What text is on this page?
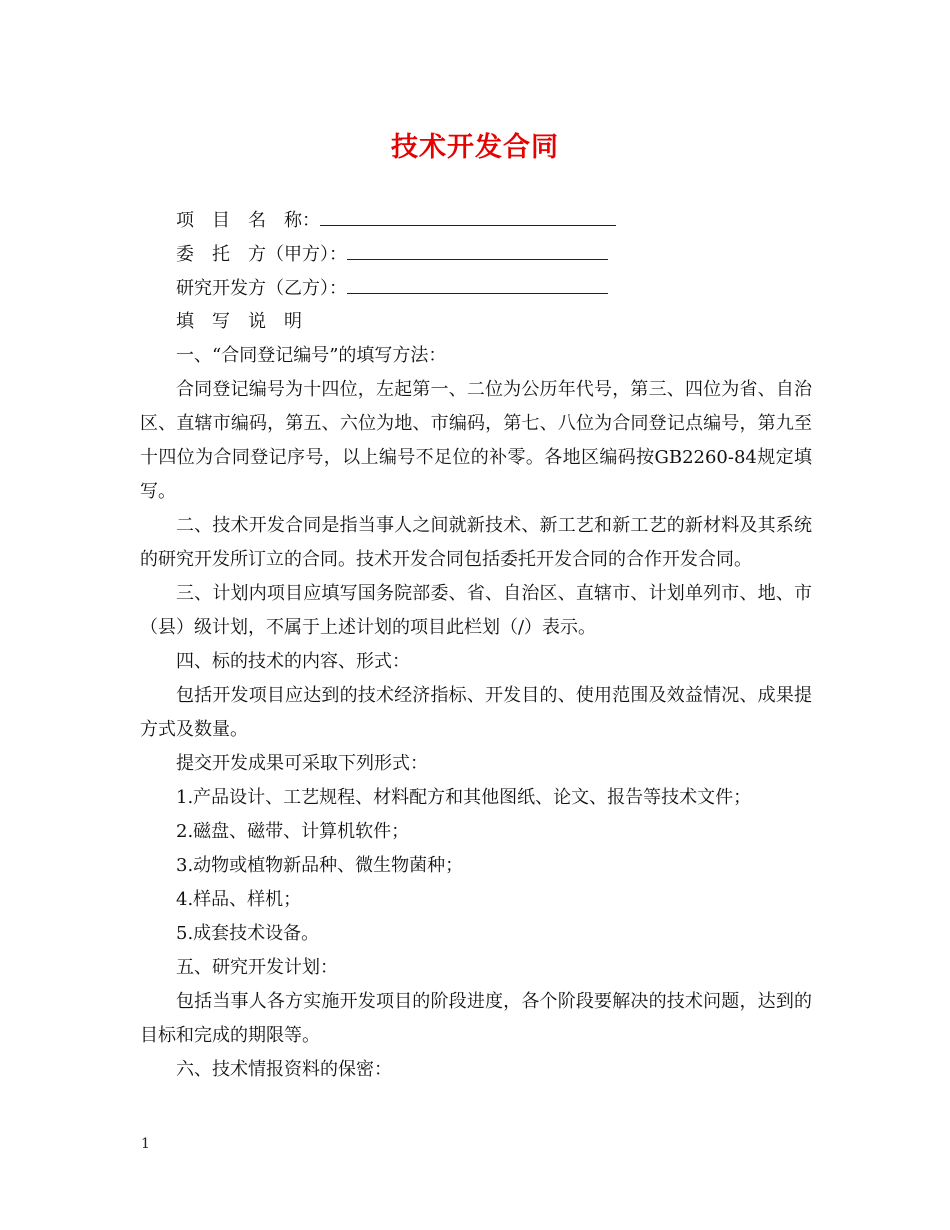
技术开发合同
项　目　名　称：
委　托　方（甲方）：
研究开发方（乙方）：
填　写　说　明
一、“合同登记编号”的填写方法：
合同登记编号为十四位，左起第一、二位为公历年代号，第三、四位为省、自治区、直辖市编码，第五、六位为地、市编码，第七、八位为合同登记点编号，第九至十四位为合同登记序号，以上编号不足位的补零。各地区编码按GB2260-84规定填写。
二、技术开发合同是指当事人之间就新技术、新工艺和新工艺的新材料及其系统的研究开发所订立的合同。技术开发合同包括委托开发合同的合作开发合同。
三、计划内项目应填写国务院部委、省、自治区、直辖市、计划单列市、地、市（县）级计划，不属于上述计划的项目此栏划（/）表示。
四、标的技术的内容、形式：
包括开发项目应达到的技术经济指标、开发目的、使用范围及效益情况、成果提方式及数量。
提交开发成果可采取下列形式：
1.产品设计、工艺规程、材料配方和其他图纸、论文、报告等技术文件；
2.磁盘、磁带、计算机软件；
3.动物或植物新品种、微生物菌种；
4.样品、样机；
5.成套技术设备。
五、研究开发计划：
包括当事人各方实施开发项目的阶段进度，各个阶段要解决的技术问题，达到的目标和完成的期限等。
六、技术情报资料的保密：
1
